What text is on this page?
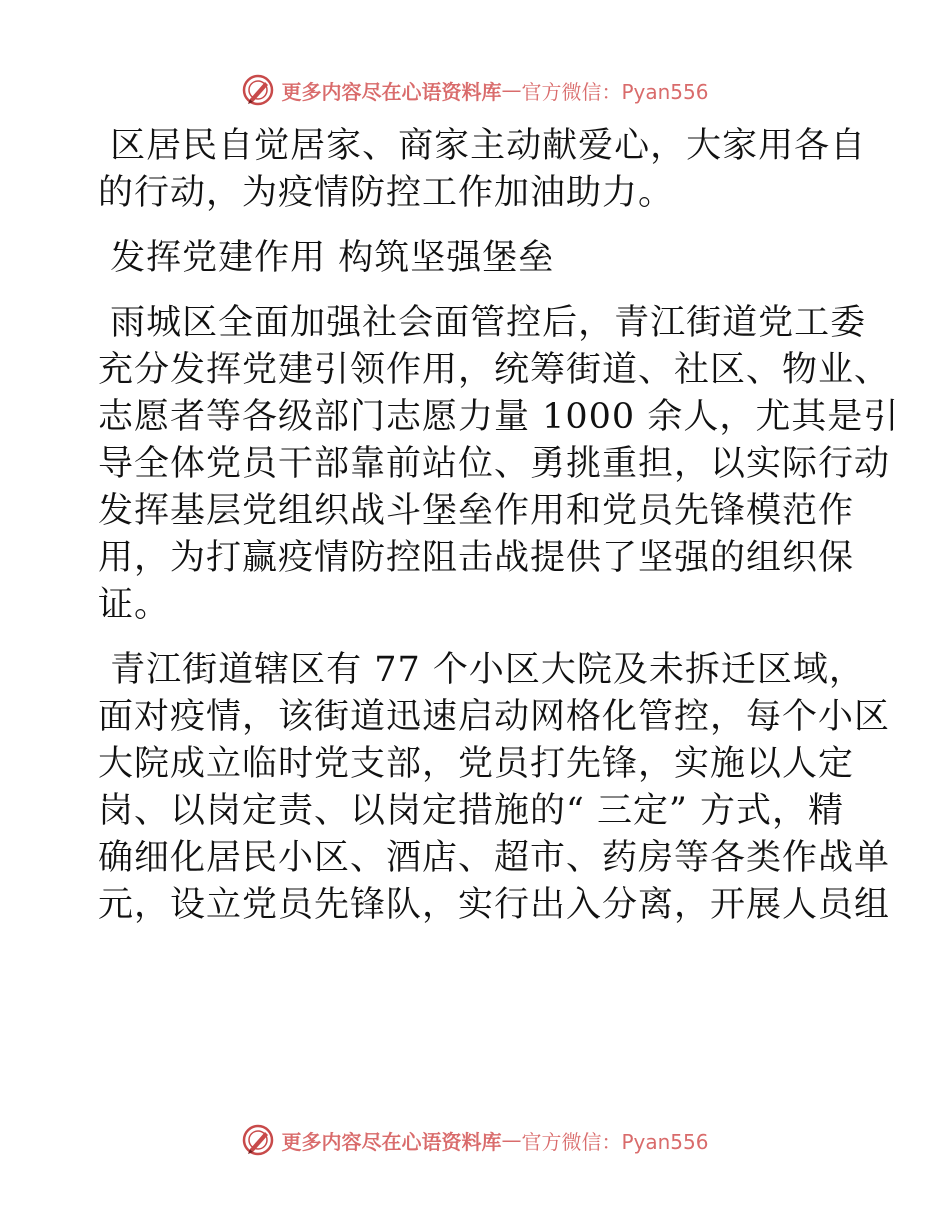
更多内容尽在心语资料库 — 官方微信：Pyan556
区居民自觉居家、商家主动献爱心，大家用各自
的行动，为疫情防控工作加油助力。
发挥党建作用 构筑坚强堡垒
雨城区全面加强社会面管控后，青江街道党工委
充分发挥党建引领作用，统筹街道、社区、物业、
志愿者等各级部门志愿力量 1000 余人，尤其是引
导全体党员干部靠前站位、勇挑重担，以实际行动
发挥基层党组织战斗堡垒作用和党员先锋模范作
用，为打赢疫情防控阻击战提供了坚强的组织保
证。
青江街道辖区有 77 个小区大院及未拆迁区域，
面对疫情，该街道迅速启动网格化管控，每个小区
大院成立临时党支部，党员打先锋，实施以人定
岗、以岗定责、以岗定措施的“ 三定” 方式，精
确细化居民小区、酒店、超市、药房等各类作战单
元，设立党员先锋队，实行出入分离，开展人员组
更多内容尽在心语资料库 — 官方微信：Pyan556
